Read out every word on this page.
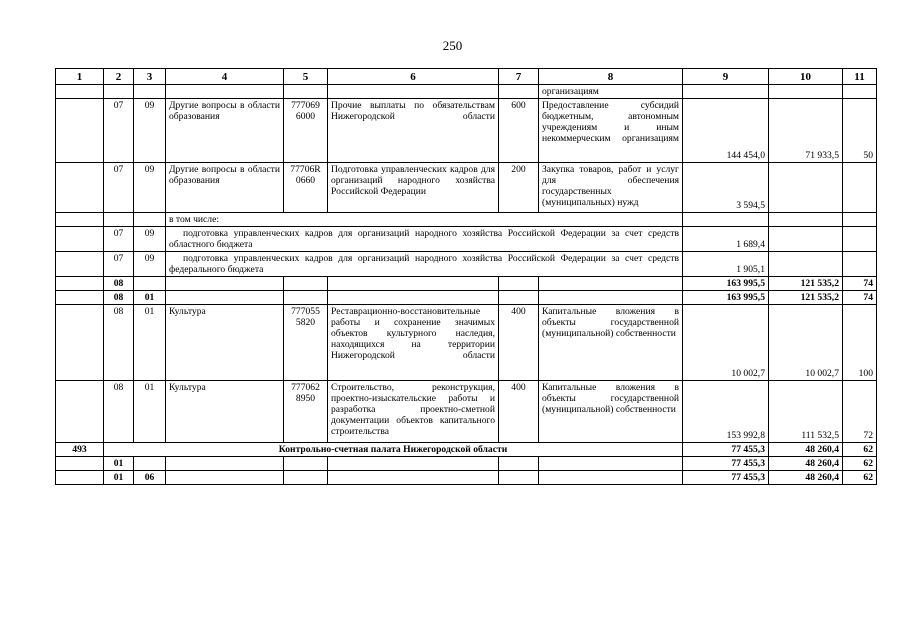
250
1	2	3	4	5	6	7	8	9	10	11
							организациям			
	07	09	Другие вопросы в области образования	777069 6000	Прочие выплаты по обязательствам Нижегородской области	600	Предоставление субсидий бюджетным, автономным учреждениям и иным некоммерческим организациям	144 454,0	71 933,5	50
	07	09	Другие вопросы в области образования	77706R 0660	Подготовка управленческих кадров для организаций народного хозяйства Российской Федерации	200	Закупка товаров, работ и услуг для обеспечения государственных (муниципальных) нужд	3 594,5		
			в том числе:							
	07	09	подготовка управленческих кадров для организаций народного хозяйства Российской Федерации за счет средств областного бюджета					1 689,4		
	07	09	подготовка управленческих кадров для организаций народного хозяйства Российской Федерации за счет средств федерального бюджета					1 905,1		
	08							163 995,5	121 535,2	74
	08	01						163 995,5	121 535,2	74
	08	01	Культура	777055 5820	Реставрационно-восстановительные работы и сохранение значимых объектов культурного наследия, находящихся на территории Нижегородской области	400	Капитальные вложения в объекты государственной (муниципальной) собственности	10 002,7	10 002,7	100
	08	01	Культура	777062 8950	Строительство, реконструкция, проектно-изыскательские работы и разработка проектно-сметной документации объектов капитального строительства	400	Капитальные вложения в объекты государственной (муниципальной) собственности	153 992,8	111 532,5	72
493	Контрольно-счетная палата Нижегородской области							77 455,3	48 260,4	62
	01							77 455,3	48 260,4	62
	01	06						77 455,3	48 260,4	62
